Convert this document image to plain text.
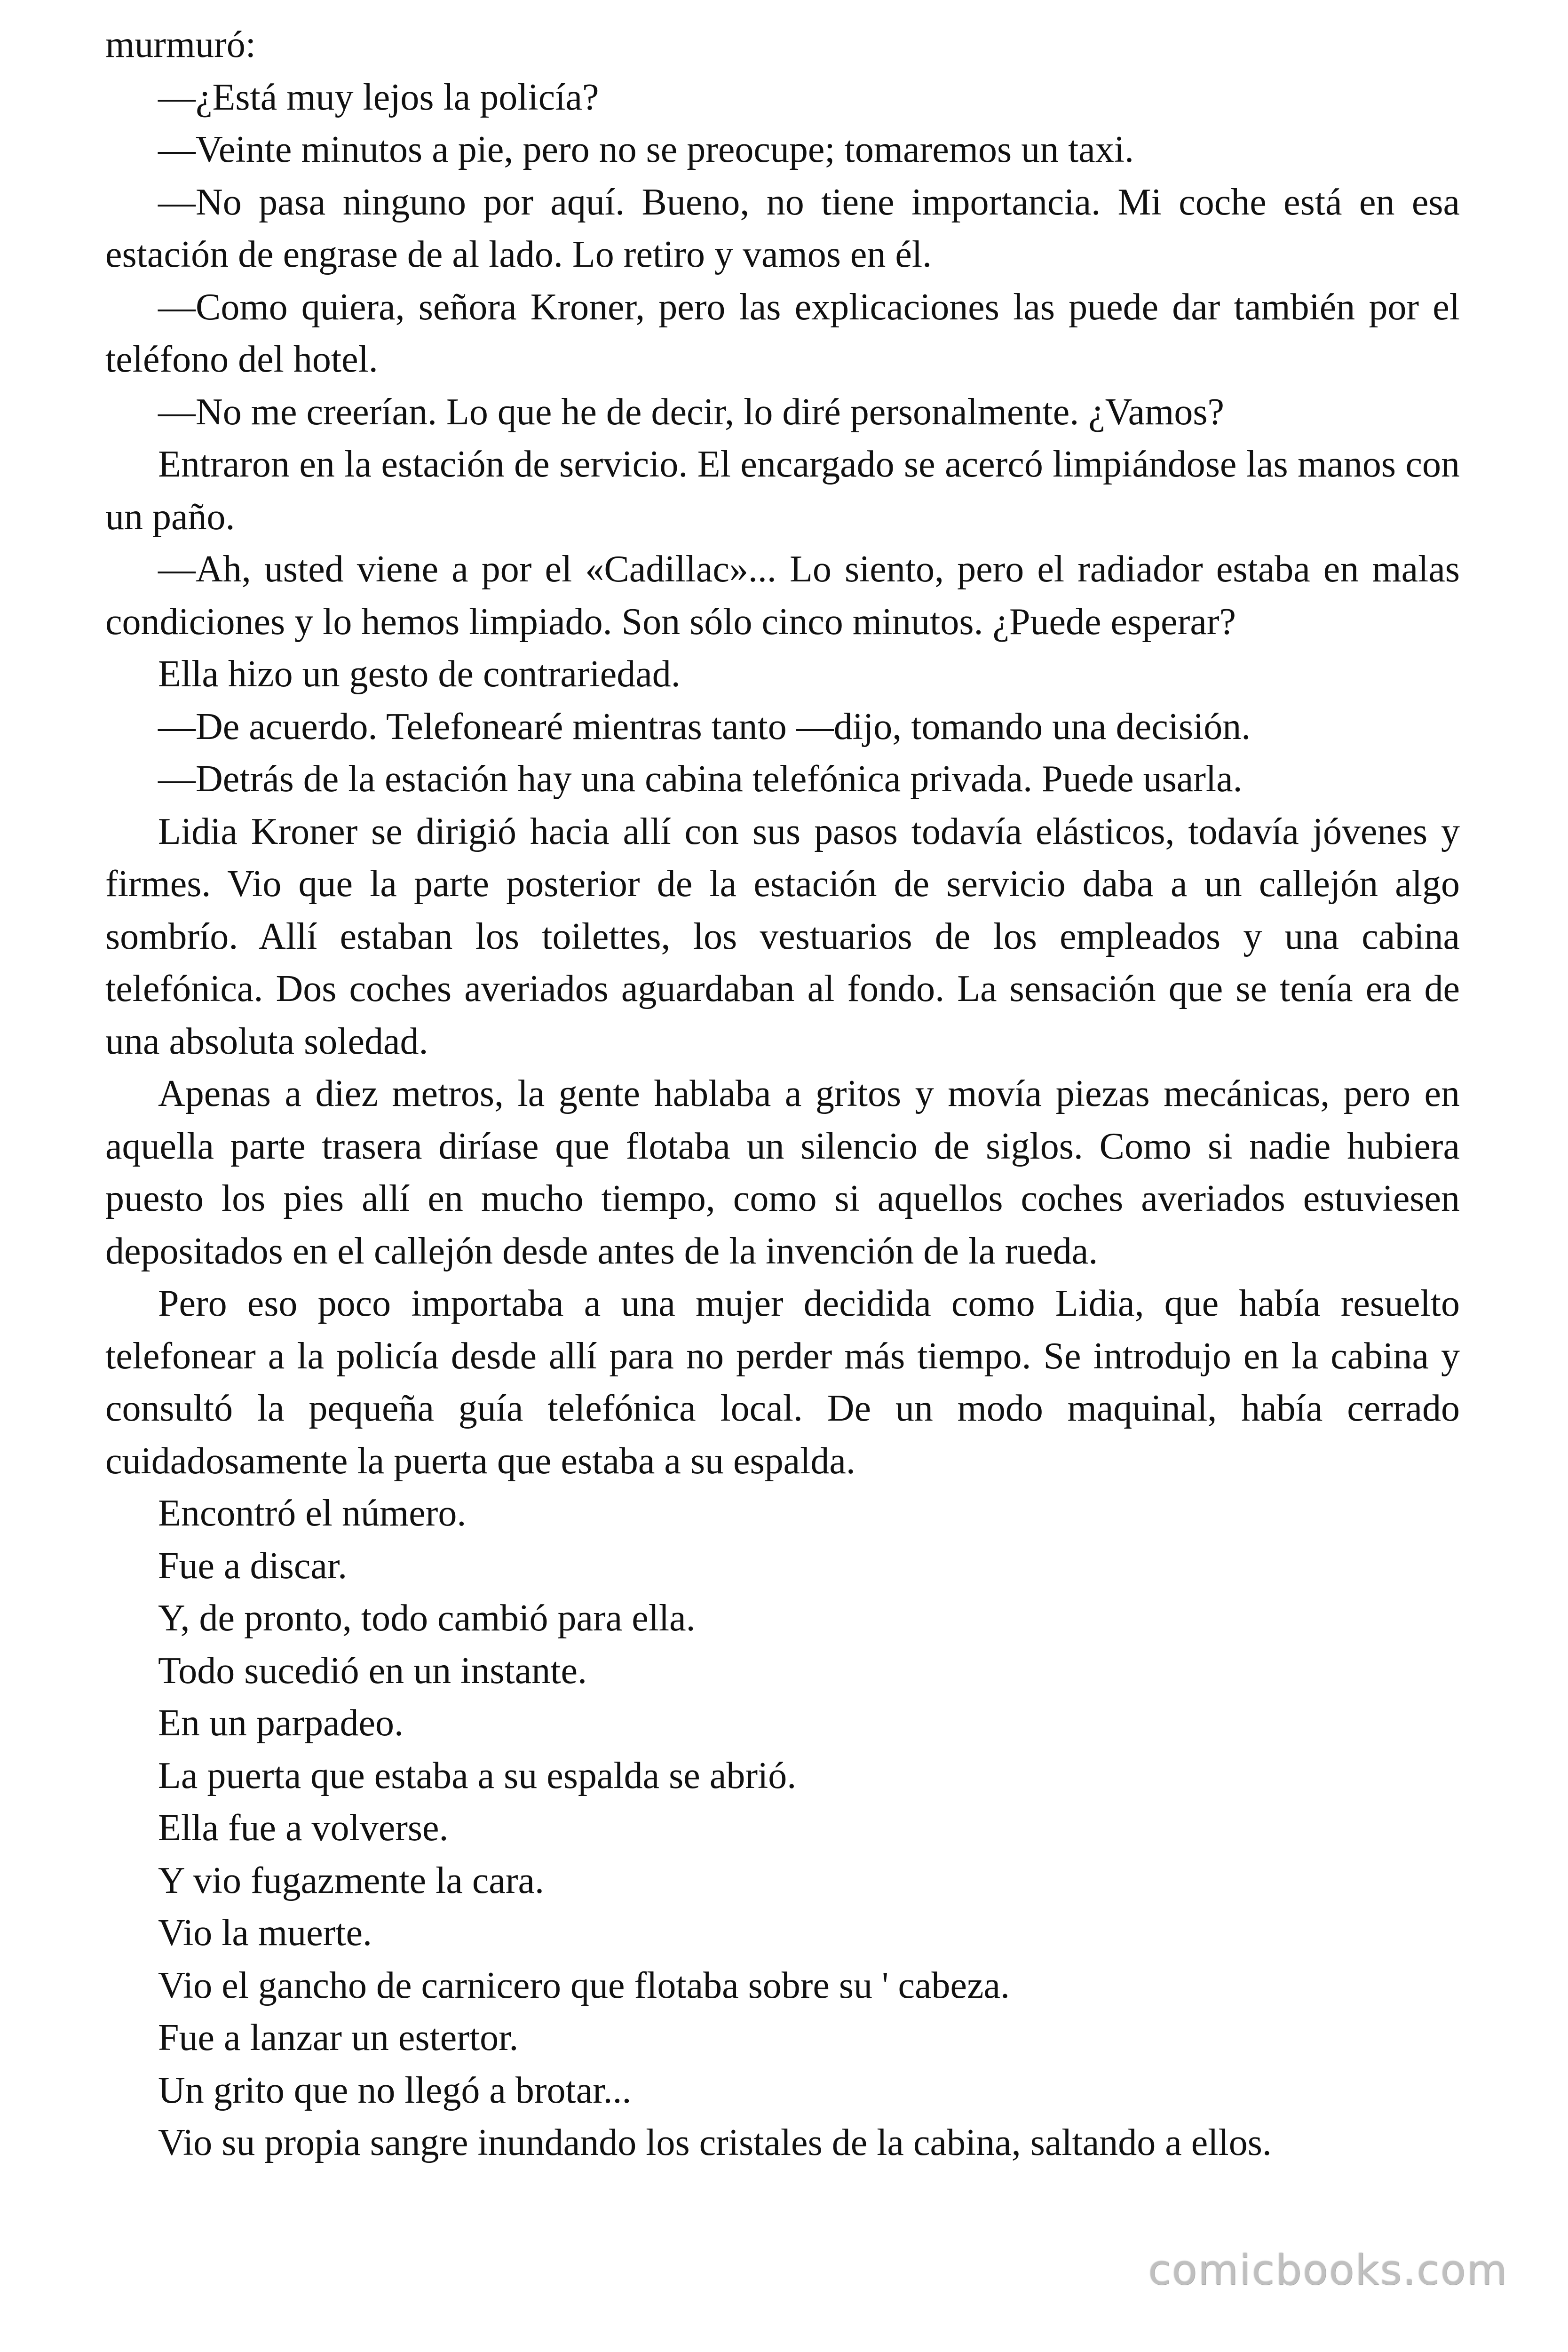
murmuró:

—¿Está muy lejos la policía?

—Veinte minutos a pie, pero no se preocupe; tomaremos un taxi.

—No pasa ninguno por aquí. Bueno, no tiene importancia. Mi coche está en esa estación de engrase de al lado. Lo retiro y vamos en él.

—Como quiera, señora Kroner, pero las explicaciones las puede dar también por el teléfono del hotel.

—No me creerían. Lo que he de decir, lo diré personalmente. ¿Vamos?

Entraron en la estación de servicio. El encargado se acercó limpiándose las manos con un paño.

—Ah, usted viene a por el «Cadillac»... Lo siento, pero el radiador estaba en malas condiciones y lo hemos limpiado. Son sólo cinco minutos. ¿Puede esperar?

Ella hizo un gesto de contrariedad.

—De acuerdo. Telefonearé mientras tanto —dijo, tomando una decisión.

—Detrás de la estación hay una cabina telefónica privada. Puede usarla.

Lidia Kroner se dirigió hacia allí con sus pasos todavía elásticos, todavía jóvenes y firmes. Vio que la parte posterior de la estación de servicio daba a un callejón algo sombrío. Allí estaban los toilettes, los vestuarios de los empleados y una cabina telefónica. Dos coches averiados aguardaban al fondo. La sensación que se tenía era de una absoluta soledad.

Apenas a diez metros, la gente hablaba a gritos y movía piezas mecánicas, pero en aquella parte trasera diríase que flotaba un silencio de siglos. Como si nadie hubiera puesto los pies allí en mucho tiempo, como si aquellos coches averiados estuviesen depositados en el callejón desde antes de la invención de la rueda.

Pero eso poco importaba a una mujer decidida como Lidia, que había resuelto telefonear a la policía desde allí para no perder más tiempo. Se introdujo en la cabina y consultó la pequeña guía telefónica local. De un modo maquinal, había cerrado cuidadosamente la puerta que estaba a su espalda.

Encontró el número.

Fue a discar.

Y, de pronto, todo cambió para ella.

Todo sucedió en un instante.

En un parpadeo.

La puerta que estaba a su espalda se abrió.

Ella fue a volverse.

Y vio fugazmente la cara.

Vio la muerte.

Vio el gancho de carnicero que flotaba sobre su ' cabeza.

Fue a lanzar un estertor.

Un grito que no llegó a brotar...

Vio su propia sangre inundando los cristales de la cabina, saltando a ellos.

comicbooks.com
